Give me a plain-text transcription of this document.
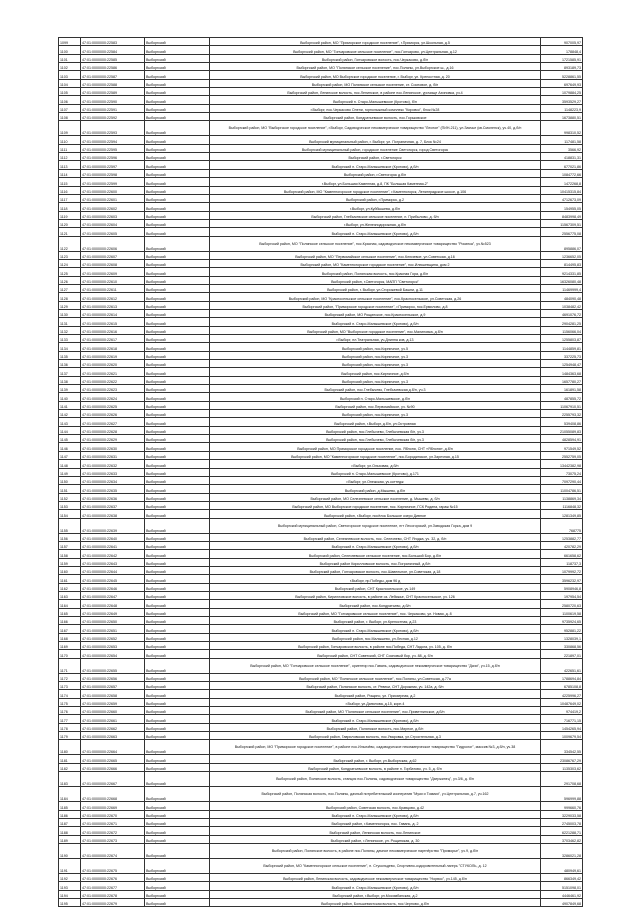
1099	47:01:0000000:22583	Выборгский	Выборгский район, МО "Приморское городское поселение", г.Приморск, ул.Школьная, д.5	907005,97
1100	47:01:0000000:22584	Выборгский	Выборгский район, МО "Гончаровское сельское поселение", пос.Гончарово, ул.Центральная, д.12	178848,4
1101	47:01:0000000:22585	Выборгский	Выборгский район, Гончаровское волость, пос.Черкасово, д.б/н	1721585,91
1102	47:01:0000000:22586	Выборгский	Выборгский район, МО "Полянское сельское поселение", пос.Поляны, ул.Выборгское ш., д.16	893189,73
1103	47:01:0000000:22587	Выборгский	Выборгский район, МО Выборгское городское поселение, г. Выборг, ул. Крепостная, д. 20	5228861,55
1104	47:01:0000000:22588	Выборгский	Выборгский район, МО Полянское сельское поселение, ст. Сосновое, д. б/н	697649,93
1105	47:01:0000000:22589	Выборгский	Выборгский район, Ленинское волость, пос.Ленинское, в районе пос.Ленинское, урочище Ахиновка, уч.4	1079884,25
1106	47:01:0000000:22590	Выборгский	Выборгский п. Старо-Малышевское (Кротово), б/н	3593529,27
1107	47:01:0000000:22591	Выборгский	г.Выборг, пос.Черкасово Олени, горнолыжный комплекс "Кировск", блок №28	1148223,9
1108	47:01:0000000:22592	Выборгский	Выборгский район, Кондратьевское волость, пос.Горьковское	1673880,51
1109	47:01:0000000:22593	Выборгский	Выборгский район, МО "Выборгское городское поселение", г.Выборг, Садоводческое некоммерческое товарищество "Лесное" (ПИН-211), ул.Заячье (кв.Смоленск), уч.40, д.б/н	998310,52
1110	47:01:0000000:22594	Выборгский	Выборгский муниципальный район, г. Выборг, ул. Пограничная, д. 7, Блок №24	117481,58
1111	47:01:0000000:22595	Выборгский	Выборгский муниципальный район, городское поселение Светогорск, город Светогорск	3566,92
1112	47:01:0000000:22596	Выборгский	Выборгский район, г.Светогорск	418831,31
1113	47:01:0000000:22597	Выборгский	Выборгский п. Старо-Малышевское (Кротово), д.б/н	677021,86
1114	47:01:0000000:22598	Выборгский	Выборгский район, г.Светогорск д.б/н	1084772,66
1115	47:01:0000000:22599	Выборгский	г.Выборг, ул.Большая Каменная, д.8, ПК "Большая Каменная-2"	1472268,8
1116	47:01:0000000:22600	Выборгский	Выборгский район, МО "Каменногорское городское поселение", г.Каменногорск, Ленинградское шоссе, д.106	10415315,84
1117	47:01:0000000:22601	Выборгский	Выборгский район, г.Приморск, д.2	4712673,09
1118	47:01:0000000:22602	Выборгский	г.Выборг, ул.Куйбышева, д.б/н	154955,05
1119	47:01:0000000:22603	Выборгский	Выборгский район, Глебычевское сельское поселение, п. Прибылово, д. б/н	8483998,49
1120	47:01:0000000:22604	Выборгский	г.Выборг, ул.Железнодорожная, д.б/н	11567309,51
1121	47:01:0000000:22605	Выборгский	Выборгский п. Старо-Малышевское (Кротово), д.б/н	2556775,08
1122	47:01:0000000:22606	Выборгский	Выборгский район, МО "Полянское сельское поселение", пос.Красная, садоводческое некоммерческое товарищество "Росинка", уч.№523	895886,07
1123	47:01:0000000:22607	Выборгский	Выборгский район, МО "Первомайское сельское поселение", пос.Ключевое, ул.Советская, д.16	1236652,05
1124	47:01:0000000:22608	Выборгский	Выборгский район, МО "Каменногорское городское поселение", пос.Илюшевщина, дом 2	814495,83
1125	47:01:0000000:22609	Выборгский	Выборгский район, Полянская волость, пос.Красная Гора, д.б/н	9214331,85
1126	47:01:0000000:22610	Выборгский	Выборгский район, г.Светогорск, МАПП "Светогорск"	16326080,48
1127	47:01:0000000:22611	Выборгский	Выборгский район, г. Выборг, ул.Сторожевой Башни, д.11	11469999,4
1128	47:01:0000000:22612	Выборгский	Выборгский район, МО "Красносельское сельское поселение", пос.Красносельское, ул.Советская, д.26	484090,48
1129	47:01:0000000:22613	Выборгский	Выборгский район, "Приморское городское поселение", г.Приморск, пос.Ермилово, д.8	1038482,42
1130	47:01:0000000:22614	Выборгский	Выборгский район, МО Рощинское, пос.Красносельское, д.9	4691076,72
1131	47:01:0000000:22615	Выборгский	Выборгский п. Старо-Малышевское (Кротово), д.б/н	2904281,25
1132	47:01:0000000:22616	Выборгский	Выборгский район, МО "Выборгское городское поселение", пос.Малиновка, д.б/н	1156066,04
1133	47:01:0000000:22617	Выборгский	г.Выборг, пл.Театральная, уч.Длинна ков, д.13	1255803,87
1134	47:01:0000000:22618	Выборгский	Выборгский район, пос.Кирпичное, уч.5	1144859,81
1135	47:01:0000000:22619	Выборгский	Выборгский район, пос.Кирпичное, уч.3	337225,73
1136	47:01:0000000:22620	Выборгский	Выборгский район, пос.Кирпичное, уч.3	1254948,47
1137	47:01:0000000:22621	Выборгский	Выборгский район, пос.Кирпичное, д.б/н	1484363,68
1138	47:01:0000000:22622	Выборгский	Выборгский район, пос.Кирпичное, уч.3	1657780,27
1139	47:01:0000000:22623	Выборгский	Выборгский район, пос.Глебычево, Глебычевская д.б/н, уч.3	161891,58
1140	47:01:0000000:22624	Выборгский	Выборгский п. Старо-Малышевское, д.б/н	487855,72
1141	47:01:0000000:22625	Выборгский	Выборгский район, пос.Первомайское, уч. №90	11067910,51
1142	47:01:0000000:22626	Выборгский	Выборгский район, пос.Кирпичное, уч.3	2255793,32
1143	47:01:0000000:22627	Выборгский	Выборгский район, г.Выборг, д.б/н, ул.Островная	539408,86
1144	47:01:0000000:22628	Выборгский	Выборгский район, пос.Глебычево, Глебычевская б/н, уч.3	21055089,83
1145	47:01:0000000:22629	Выборгский	Выборгский район, пос.Глебычево, Глебычевская б/н, уч.3	4828594,91
1146	47:01:0000000:22630	Выборгский	Выборгский район, МО Приморское городское поселение, пос. Яблоня, СНТ «Яблоня», д.б/н	971549,52
1147	47:01:0000000:22631	Выборгский	Выборгский район, МО "Каменногорское городское поселение", пос.Бородинское, ул.Заречная, д.15	2552759,05
1148	47:01:0000000:22632	Выборгский	г.Выборг, ул.Ольховая, д.б/н	13442382,98
1149	47:01:0000000:22633	Выборгский	Выборгский п. Старо-Малышевское (Кротово), д.171	73075,24
1150	47:01:0000000:22634	Выборгский	г.Выборг, ул.Онежская, уч.коттедж	7097290,44
1151	47:01:0000000:22635	Выборгский	Выборгский район, д.Мышево, д.б/н	11004786,51
1152	47:01:0000000:22636	Выборгский	Выборгский район, МО Селезневское сельское поселение, д. Мышево, д. б/н	1138869,34
1153	47:01:0000000:22637	Выборгский	Выборгский район, МО Выборгское городское поселение, пос. Кирпичное, ГСК Родина, гараж №15	1116848,32
1154	47:01:0000000:22638	Выборгский	Выборгский район, г.Выборг, посёлок Большое озеро Дивное	1281349,85
1155	47:01:0000000:22639	Выборгский	Выборгский муниципальный район, Светогорское городское поселение, пгт Лесогорский, ул.Заводская Горка, дом 9	768775
1156	47:01:0000000:22640	Выборгский	Выборгский район, Селезневское волость, пос. Селезнево, СНТ Ягодка, уч. 32, д. б/н	1253882,77
1157	47:01:0000000:22641	Выборгский	Выборгский п. Старо-Малышевское (Кротово), д.б/н	420782,29
1158	47:01:0000000:22642	Выборгский	Выборгский район, Селезневское сельское поселение, пос.Большой Бор, д.б/н	661658,62
1159	47:01:0000000:22643	Выборгский	Выборгский район Кирилловское волость, пос.Пограничный, д.б/н	118737,3
1160	47:01:0000000:22644	Выборгский	Выборгский район, Гончаровское волость, пос.Шавельное, ул.Советская, д.18	1079992,72
1161	47:01:0000000:22645	Выборгский	г.Выборг, пр.Победы, дом 96 д	3596232,97
1162	47:01:0000000:22646	Выборгский	Выборгский район, СНТ Красносельское, уч.149	5908946,8
1163	47:01:0000000:22647	Выборгский	Выборгский район, Кирилловское волость, в районе оз. Лебяжье, СНТ Красносельское, уч. 126	197954,54
1164	47:01:0000000:22648	Выборгский	Выборгский район, пос.Кондратьево, д.б/н	2580720,63
1165	47:01:0000000:22649	Выборгский	Выборгский район, МО "Гончаровское сельское поселение", пос. Черкасово, ул. Новая, д. 8	1100619,58
1166	47:01:0000000:22650	Выборгский	Выборгский район, г. Выборг, ул.Крепостная, д.23	9735924,65
1167	47:01:0000000:22651	Выборгский	Выборгский п. Старо-Малышевское (Кротово), д.б/н	952881,22
1168	47:01:0000000:22652	Выборгский	Выборгский район, пос.Малышево, ул.Лесная, д.12	1328039,1
1169	47:01:0000000:22653	Выборгский	Выборгский район, Гончаровское волость, в районе пос.Победа, СНТ Ладога, уч. 105, д. б/н	330868,56
1170	47:01:0000000:22654	Выборгский	Выборгский район, СНТ Советский, СНТ Сосновый бор, уч. 88, д. б/н	221897,01
1171	47:01:0000000:22655	Выборгский	Выборгский район, МО "Гончаровское сельское поселение", ориентир пос.Гавань, садоводческое некоммерческое товарищество "Дачи", уч.15, д.б/н	422651,61
1172	47:01:0000000:22656	Выборгский	Выборгский район, МО "Полянское сельское поселение", пос.Поляны, ул.Советская, д.77а	1788694,84
1173	47:01:0000000:22657	Выборгский	Выборгский район, Полянское волость, ст. Ревеки, СНТ Дорожник, уч. 142а, д. б/н	6785108,8
1174	47:01:0000000:22658	Выборгский	Выборгский район, Рощино, ул. Приозерная, д.2	4225996,27
1175	47:01:0000000:22659	Выборгский	г.Выборг, ул.Данилова, д.15, корп.4	10487649,02
1176	47:01:0000000:22660	Выборгский	Выборгский район, МО "Полянское сельское поселение", пос.Приветнинское, д.б/н	974419,2
1177	47:01:0000000:22661	Выборгский	Выборгский п. Старо-Малышевское (Кротово), д.б/н	716771,15
1178	47:01:0000000:22662	Выборгский	Выборгский район, Полянское волость, пос.Мирное, д.б/н	1454265,94
1179	47:01:0000000:22663	Выборгский	Выборгский район, Гавриловская волость, пос.Уваровка, ул.Строительная, д.3	1009679,54
1180	47:01:0000000:22664	Выборгский	Выборгский район, МО "Приморское городское поселение", в районе пос.Ильичёво, садоводческое некоммерческое товарищество "Гидролог", массив №3, д.б/н, уч.38	334542,55
1181	47:01:0000000:22665	Выборгский	Выборгский район, г. Выборг, ул.Выборгская, д.62	23086767,29
1182	47:01:0000000:22666	Выборгский	Выборгский район, Кондратьевское волость, в районе п. Горбатово, уч. 5, д. б/н	1135303,62
1183	47:01:0000000:22667	Выборгский	Выборгский район, Полянское волость, станция пос.Поляны, садоводческое товарищество "Дзержинец", уч.3/6, д. б/н	291708,68
1184	47:01:0000000:22668	Выборгский	Выборгский район, Полянская волость, пос.Поляны, дачный потребительский кооператив "Муки и Томики", уч.Центральная, д.7, уч.162	596999,88
1185	47:01:0000000:22669	Выборгский	Выборгский район, Советская волость, пос.Кравцово, д.42	999660,76
1186	47:01:0000000:22670	Выборгский	Выборгский п. Старо-Малышевское (Кротово), д.б/н	3229033,58
1187	47:01:0000000:22671	Выборгский	Выборгский район, г.Каменногорск, пос. Гавань, д. 2	2745003,78
1188	47:01:0000000:22672	Выборгский	Выборгский район, Ленинская волость, пос.Ленинское	6221288,71
1189	47:01:0000000:22673	Выборгский	Выборгский район, г.Ленинское, ул. Рощинская, д. 30	3703462,82
1190	47:01:0000000:22674	Выборгский	Выборгский район, Полянское волость, в районе пос.Поляны, дачное некоммерческое партнёрство "Приморье", уч.9, д.б/н	3286021,28
1191	47:01:0000000:22675	Выборгский	Выборгский район, МО "Каменногорское сельское поселение", п. Стукольдево, Спортивно-оздоровительный лагерь "СТУКОЛЬ, д. 12	480949,61
1192	47:01:0000000:22676	Выборгский	Выборгский район, Ленинская волость, садоводческое некоммерческое товарищество "Норвос", уч.145, д.б/н	866349,42
1193	47:01:0000000:22677	Выборгский	Выборгский п. Старо-Малышевское (Кротово), д.б/н	5151098,01
1194	47:01:0000000:22678	Выборгский	Выборгский район, г.Выборг, ул.Мосимбанская, д.2	4446461,92
1195	47:01:0000000:22679	Выборгский	Выборгский район, Большевистская волость, пос.Черново, д.б/н	4907849,68
